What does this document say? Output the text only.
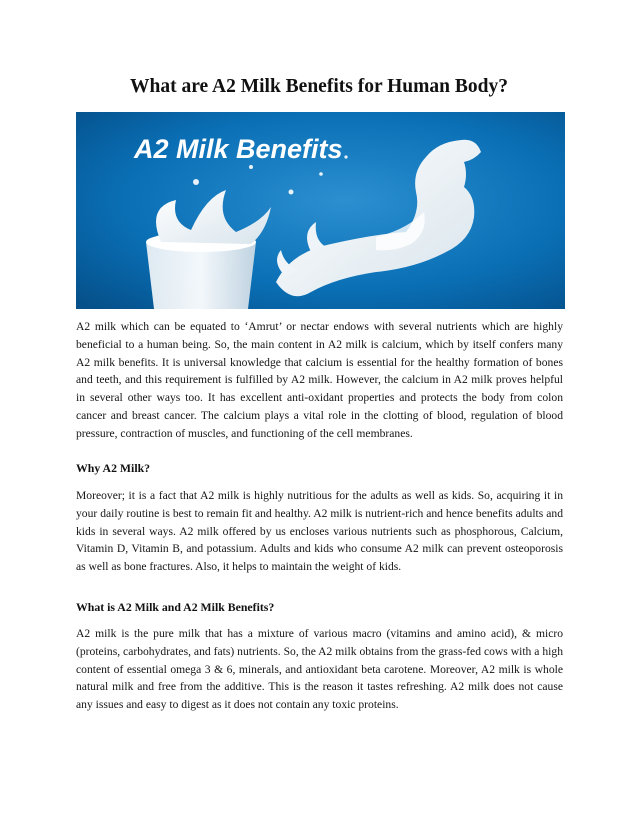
What are A2 Milk Benefits for Human Body?
A2 Milk Benefits

A2 milk which can be equated to ‘Amrut’ or nectar endows with several nutrients which are highly beneficial to a human being. So, the main content in A2 milk is calcium, which by itself confers many A2 milk benefits. It is universal knowledge that calcium is essential for the healthy formation of bones and teeth, and this requirement is fulfilled by A2 milk. However, the calcium in A2 milk proves helpful in several other ways too. It has excellent anti-oxidant properties and protects the body from colon cancer and breast cancer. The calcium plays a vital role in the clotting of blood, regulation of blood pressure, contraction of muscles, and functioning of the cell membranes.

Why A2 Milk?

Moreover; it is a fact that A2 milk is highly nutritious for the adults as well as kids. So, acquiring it in your daily routine is best to remain fit and healthy. A2 milk is nutrient-rich and hence benefits adults and kids in several ways. A2 milk offered by us encloses various nutrients such as phosphorous, Calcium, Vitamin D, Vitamin B, and potassium. Adults and kids who consume A2 milk can prevent osteoporosis as well as bone fractures. Also, it helps to maintain the weight of kids.

What is A2 Milk and A2 Milk Benefits?

A2 milk is the pure milk that has a mixture of various macro (vitamins and amino acid), & micro (proteins, carbohydrates, and fats) nutrients. So, the A2 milk obtains from the grass-fed cows with a high content of essential omega 3 & 6, minerals, and antioxidant beta carotene. Moreover, A2 milk is whole natural milk and free from the additive. This is the reason it tastes refreshing. A2 milk does not cause any issues and easy to digest as it does not contain any toxic proteins.
